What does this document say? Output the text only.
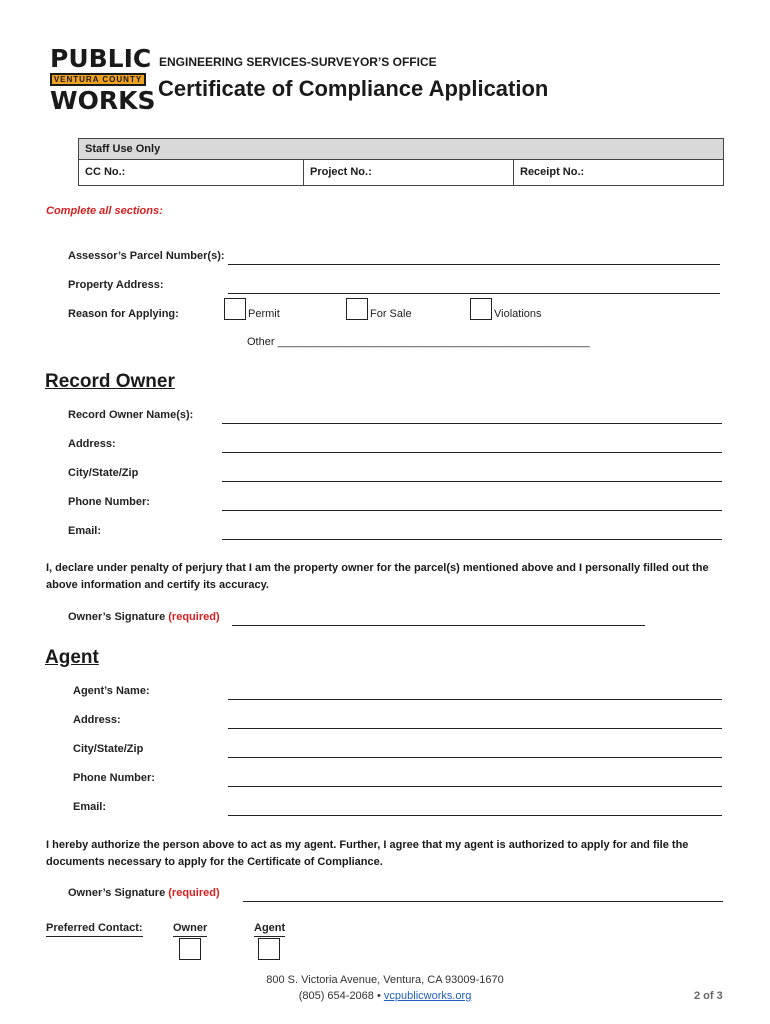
PUBLIC
VENTURA COUNTY
WORKS
ENGINEERING SERVICES-SURVEYOR’S OFFICE
Certificate of Compliance Application
Staff Use Only
CC No.:	Project No.:	Receipt No.:
Complete all sections:
Assessor’s Parcel Number(s):
Property Address:
Reason for Applying:	Permit	For Sale	Violations
Other ___________________________________________________
Record Owner
Record Owner Name(s):
Address:
City/State/Zip
Phone Number:
Email:
I, declare under penalty of perjury that I am the property owner for the parcel(s) mentioned above and I personally filled out the above information and certify its accuracy.
Owner’s Signature (required)
Agent
Agent’s Name:
Address:
City/State/Zip
Phone Number:
Email:
I hereby authorize the person above to act as my agent. Further, I agree that my agent is authorized to apply for and file the documents necessary to apply for the Certificate of Compliance.
Owner’s Signature (required)
Preferred Contact:	Owner	Agent
800 S. Victoria Avenue, Ventura, CA 93009-1670
(805) 654-2068 • vcpublicworks.org	2 of 3
